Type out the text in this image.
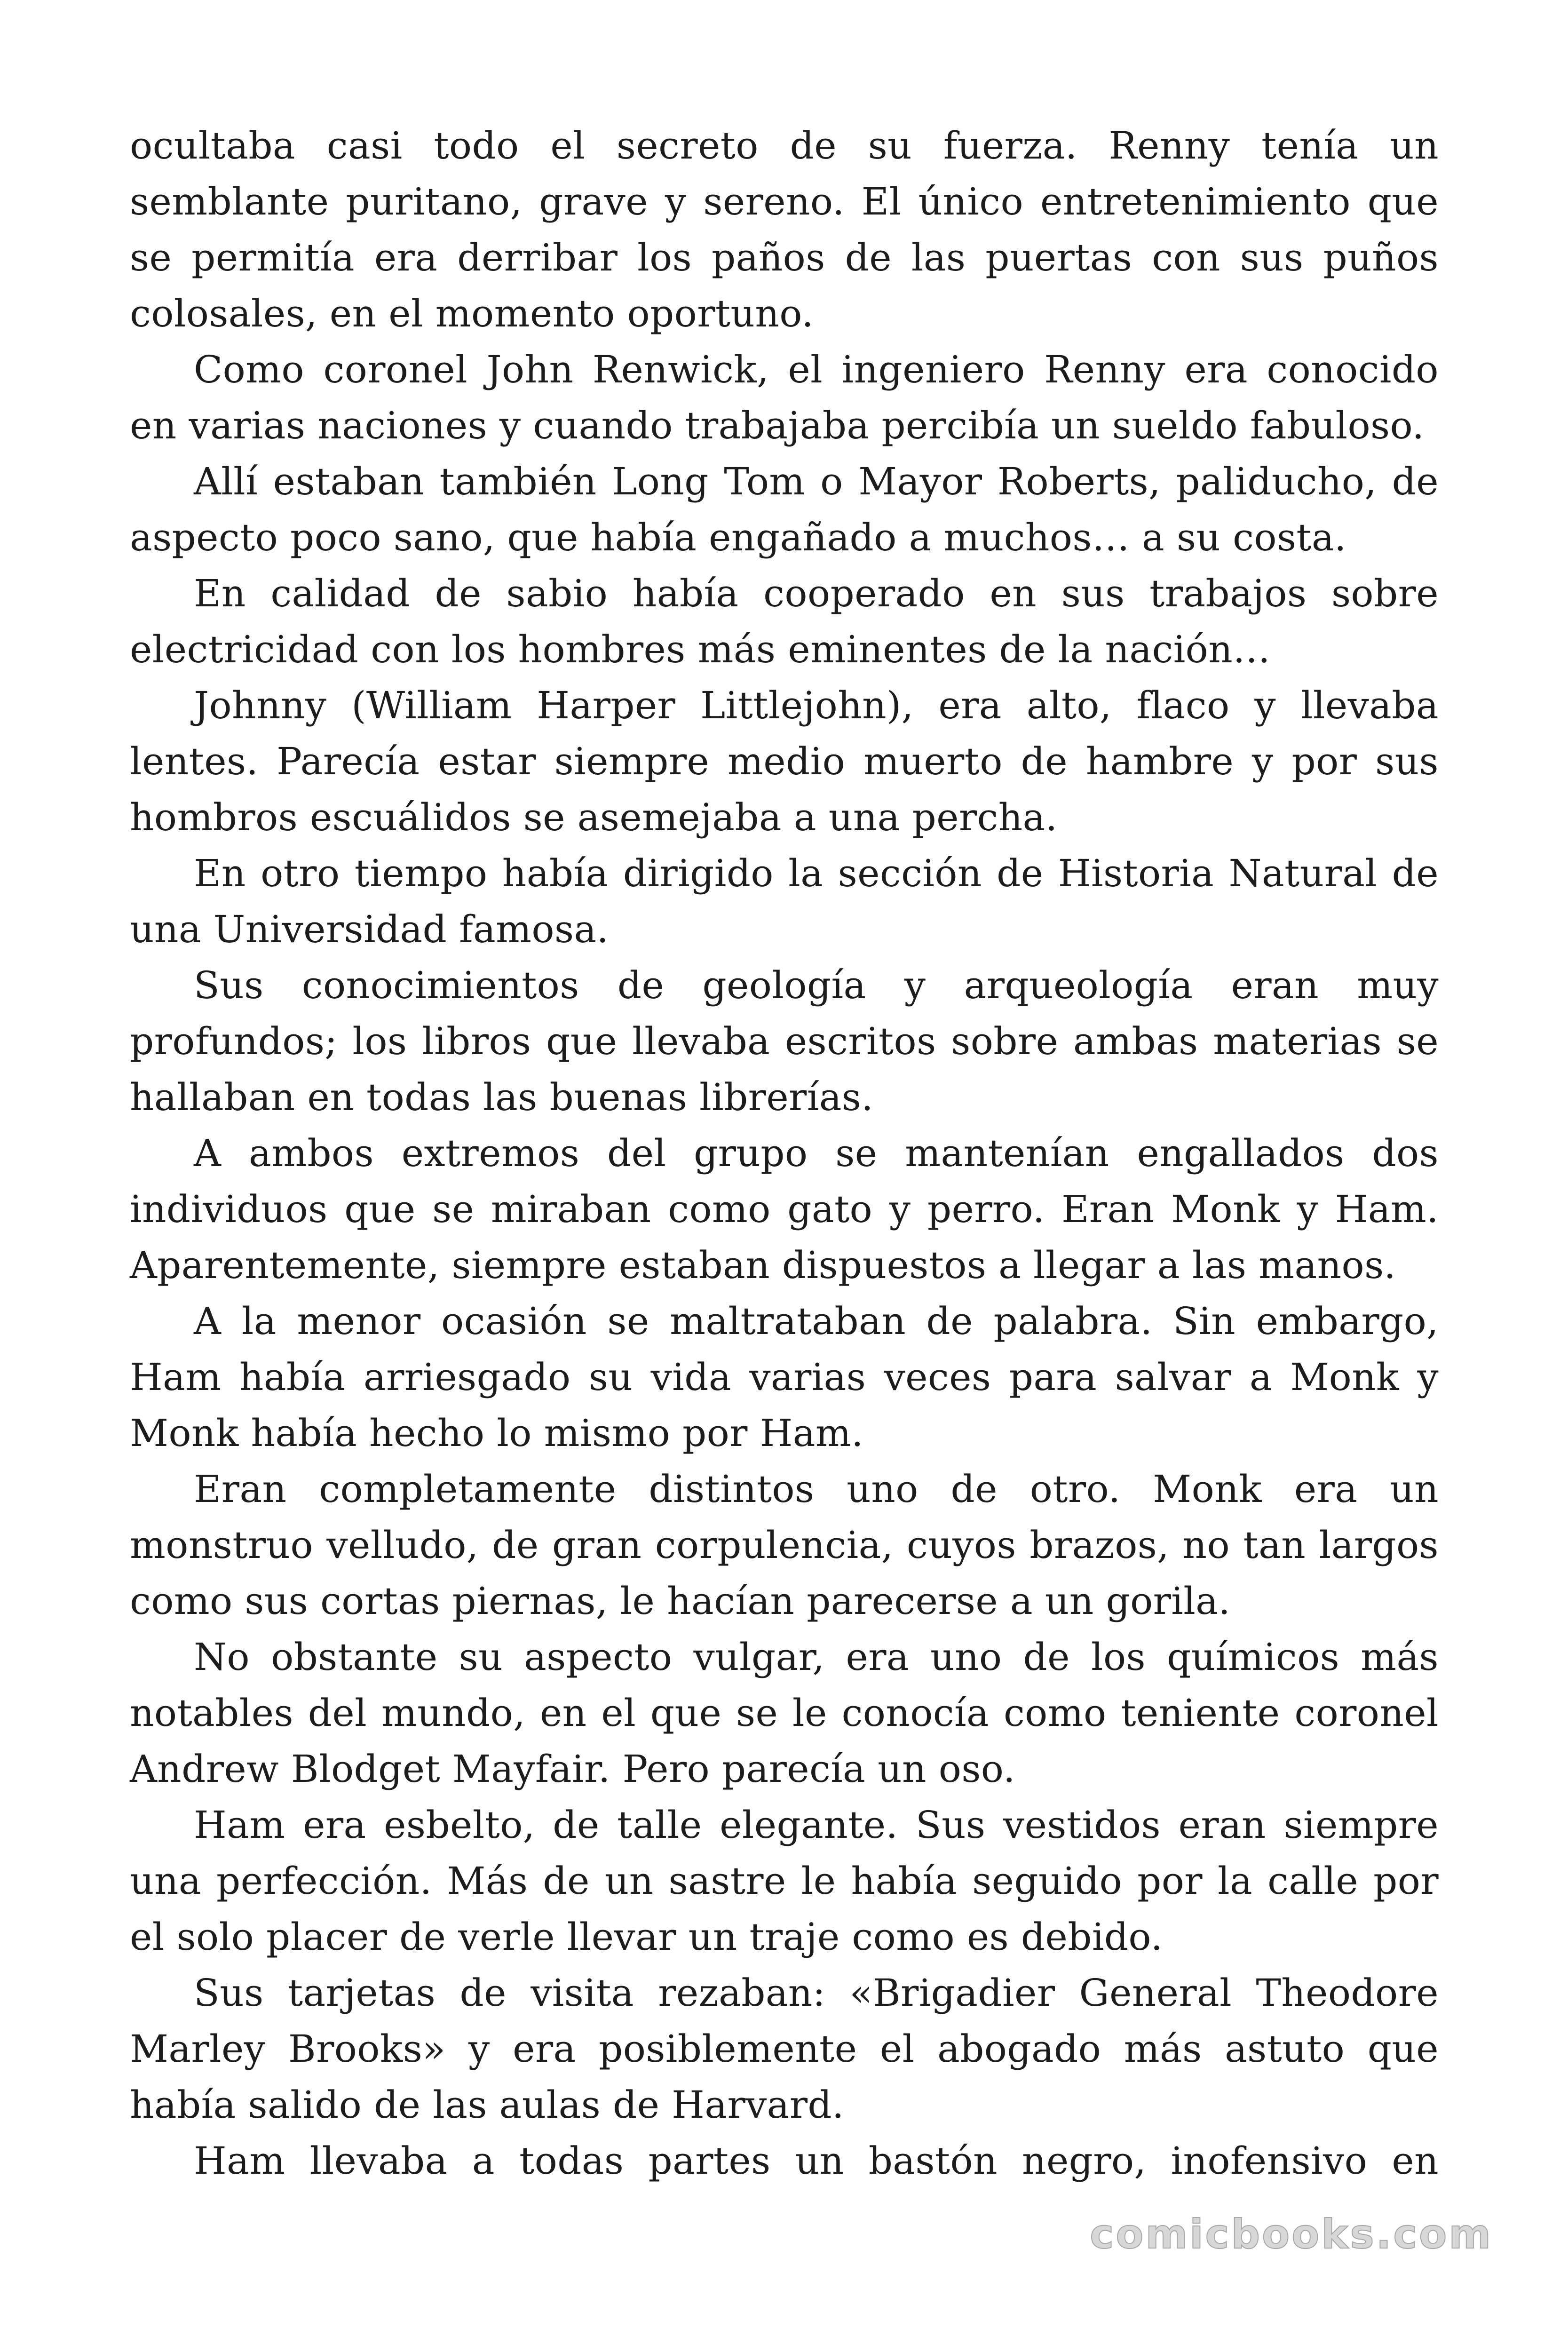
ocultaba casi todo el secreto de su fuerza. Renny tenía un semblante puritano, grave y sereno. El único entretenimiento que se permitía era derribar los paños de las puertas con sus puños colosales, en el momento oportuno.

Como coronel John Renwick, el ingeniero Renny era conocido en varias naciones y cuando trabajaba percibía un sueldo fabuloso.

Allí estaban también Long Tom o Mayor Roberts, paliducho, de aspecto poco sano, que había engañado a muchos… a su costa.

En calidad de sabio había cooperado en sus trabajos sobre electricidad con los hombres más eminentes de la nación…

Johnny (William Harper Littlejohn), era alto, flaco y llevaba lentes. Parecía estar siempre medio muerto de hambre y por sus hombros escuálidos se asemejaba a una percha.

En otro tiempo había dirigido la sección de Historia Natural de una Universidad famosa.

Sus conocimientos de geología y arqueología eran muy profundos; los libros que llevaba escritos sobre ambas materias se hallaban en todas las buenas librerías.

A ambos extremos del grupo se mantenían engallados dos individuos que se miraban como gato y perro. Eran Monk y Ham. Aparentemente, siempre estaban dispuestos a llegar a las manos.

A la menor ocasión se maltrataban de palabra. Sin embargo, Ham había arriesgado su vida varias veces para salvar a Monk y Monk había hecho lo mismo por Ham.

Eran completamente distintos uno de otro. Monk era un monstruo velludo, de gran corpulencia, cuyos brazos, no tan largos como sus cortas piernas, le hacían parecerse a un gorila.

No obstante su aspecto vulgar, era uno de los químicos más notables del mundo, en el que se le conocía como teniente coronel Andrew Blodget Mayfair. Pero parecía un oso.

Ham era esbelto, de talle elegante. Sus vestidos eran siempre una perfección. Más de un sastre le había seguido por la calle por el solo placer de verle llevar un traje como es debido.

Sus tarjetas de visita rezaban: «Brigadier General Theodore Marley Brooks» y era posiblemente el abogado más astuto que había salido de las aulas de Harvard.

Ham llevaba a todas partes un bastón negro, inofensivo en

comicbooks.com
